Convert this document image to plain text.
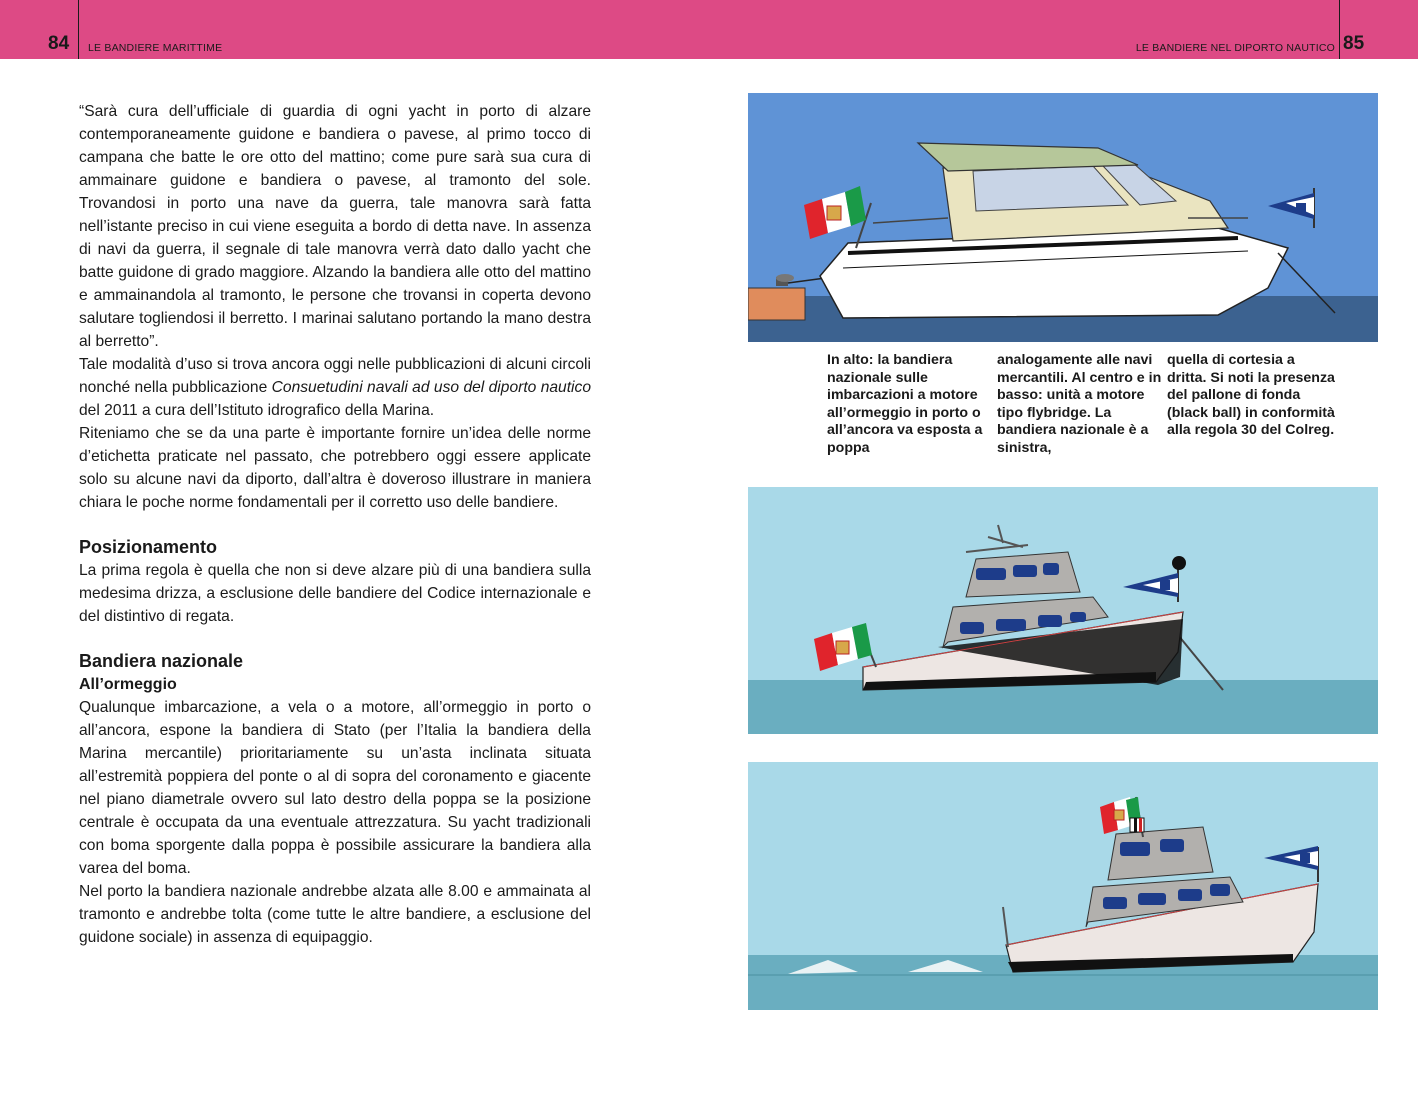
84 LE BANDIERE MARITTIME	LE BANDIERE NEL DIPORTO NAUTICO 85

“Sarà cura dell’ufficiale di guardia di ogni yacht in porto di alzare contemporaneamente guidone e bandiera o pavese, al primo tocco di campana che batte le ore otto del mattino; come pure sarà sua cura di ammainare guidone e bandiera o pavese, al tramonto del sole. Trovandosi in porto una nave da guerra, tale manovra sarà fatta nell’istante preciso in cui viene eseguita a bordo di detta nave. In assenza di navi da guerra, il segnale di tale manovra verrà dato dallo yacht che batte guidone di grado maggiore. Alzando la bandiera alle otto del mattino e ammainandola al tramonto, le persone che trovansi in coperta devono salutare togliendosi il berretto. I marinai salutano portando la mano destra al berretto”.

Tale modalità d’uso si trova ancora oggi nelle pubblicazioni di alcuni circoli nonché nella pubblicazione Consuetudini navali ad uso del diporto nautico del 2011 a cura dell’Istituto idrografico della Marina.

Riteniamo che se da una parte è importante fornire un’idea delle norme d’etichetta praticate nel passato, che potrebbero oggi essere applicate solo su alcune navi da diporto, dall’altra è doveroso illustrare in maniera chiara le poche norme fondamentali per il corretto uso delle bandiere.

Posizionamento

La prima regola è quella che non si deve alzare più di una bandiera sulla medesima drizza, a esclusione delle bandiere del Codice internazionale e del distintivo di regata.

Bandiera nazionale
All’ormeggio

Qualunque imbarcazione, a vela o a motore, all’ormeggio in porto o all’ancora, espone la bandiera di Stato (per l’Italia la bandiera della Marina mercantile) prioritariamente su un’asta inclinata situata all’estremità poppiera del ponte o al di sopra del coronamento e giacente nel piano diametrale ovvero sul lato destro della poppa se la posizione centrale è occupata da una eventuale attrezzatura. Su yacht tradizionali con boma sporgente dalla poppa è possibile assicurare la bandiera alla varea del boma.

Nel porto la bandiera nazionale andrebbe alzata alle 8.00 e ammainata al tramonto e andrebbe tolta (come tutte le altre bandiere, a esclusione del guidone sociale) in assenza di equipaggio.

In alto: la bandiera nazionale sulle imbarcazioni a motore all’ormeggio in porto o all’ancora va esposta a poppa
analogamente alle navi mercantili. Al centro e in basso: unità a motore tipo flybridge. La bandiera nazionale è a sinistra,
quella di cortesia a dritta. Si noti la presenza del pallone di fonda (black ball) in conformità alla regola 30 del Colreg.
